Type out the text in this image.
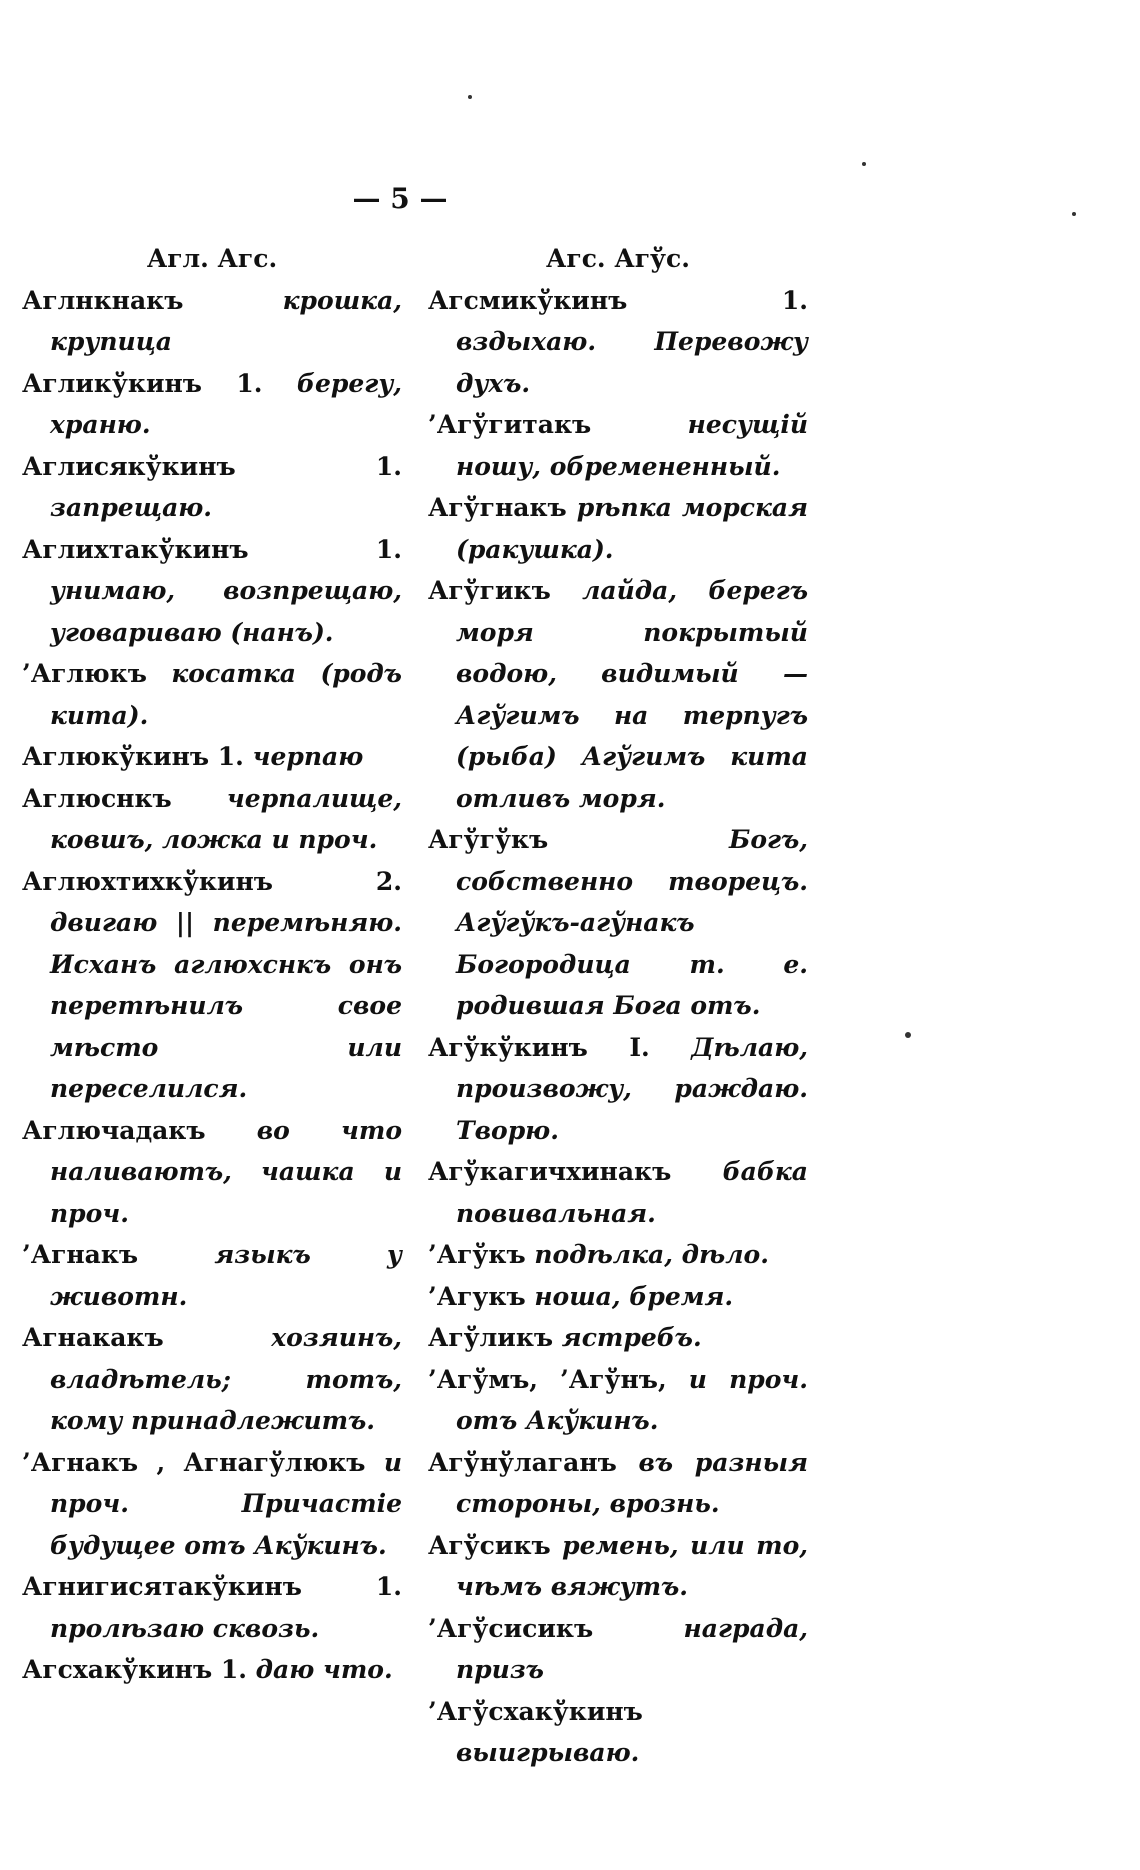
— 5 —
Агл. Агс.
Аглнкнакъ крошка, крупица
Агликўкинъ 1. берегу, храню.
Аглисякўкинъ 1. запрещаю.
Аглихтакўкинъ 1. унимаю, возпрещаю, уговариваю (нанъ).
’Аглюкъ косатка (родъ кита).
Аглюкўкинъ 1. черпаю
Аглюснкъ черпалище, ковшъ, ложка и проч.
Аглюхтихкўкинъ 2. двигаю || перемѣняю. Исханъ аглюхснкъ онъ перетѣнилъ свое мѣсто или переселился.
Аглючадакъ во что наливаютъ, чашка и проч.
’Агнакъ языкъ у животн.
Агнакакъ хозяинъ, владѣтель; тотъ, кому принадлежитъ.
’Агнакъ , Агнагўлюкъ и проч. Причастіе будущее отъ Акўкинъ.
Агнигисятакўкинъ 1. пролѣзаю сквозь.
Агсхакўкинъ 1. даю что.
Агс. Агўс.
Агсмикўкинъ 1. вздыхаю. Перевожу духъ.
’Агўгитакъ несущій ношу, обремененный.
Агўгнакъ рѣпка морская (ракушка).
Агўгикъ лайда, берегъ моря покрытый водою, видимый — Агўгимъ на терпугъ (рыба) Агўгимъ кита отливъ моря.
Агўгўкъ Богъ, собственно творецъ. Агўгўкъ-агўнакъ Богородица т. е. родившая Бога отъ.
Агўкўкинъ I. Дѣлаю, произвожу, раждаю. Творю.
Агўкагичхинакъ бабка повивальная.
’Агўкъ подѣлка, дѣло.
’Агукъ ноша, бремя.
Агўликъ ястребъ.
’Агўмъ, ’Агўнъ, и проч. отъ Акўкинъ.
Агўнўлаганъ въ разныя стороны, врознь.
Агўсикъ ремень, или то, чѣмъ вяжутъ.
’Агўсисикъ награда, призъ
’Агўсхакўкинъ выигрываю.
